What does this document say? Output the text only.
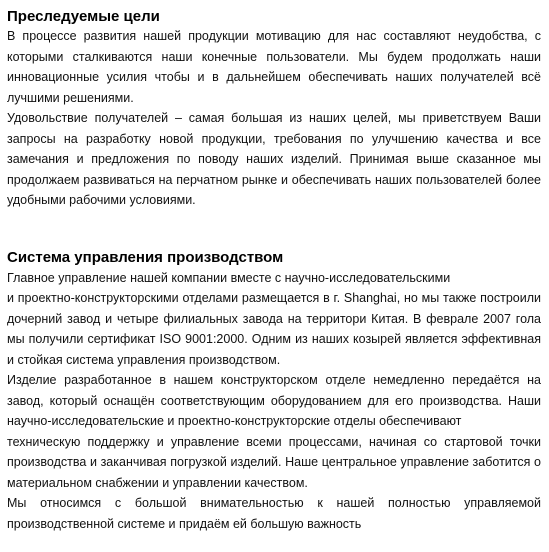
Преследуемые цели

В процессе развития нашей продукции мотивацию для нас составляют неудобства, с которыми сталкиваются наши конечные пользователи. Мы будем продолжать наши инновационные усилия чтобы и в дальнейшем обеспечивать наших получателей всё лучшими решениями.

Удовольствие получателей – самая большая из наших целей, мы приветствуем Ваши запросы на разработку новой продукции, требования по улучшению качества и все замечания и предложения по поводу наших изделий. Принимая выше сказанное мы продолжаем развиваться на перчатном рынке и обеспечивать наших пользователей более удобными рабочими условиями.

Система управления производством

Главное управление нашей компании вместе с научно-исследовательскими

и проектно-конструкторскими отделами размещается в г. Shanghai, но мы также построили дочерний завод и четыре филиальных завода на территори Китая. В феврале 2007 гола мы получили сертификат ISO 9001:2000. Одним из наших козырей является эффективная и стойкая система управления производством.

Изделие разработанное в нашем конструкторском отделе немедленно передаётся на завод, который оснащён соответствующим оборудованием для его производства. Наши научно-исследовательские и проектно-конструкторские отделы обеспечивают

техническую поддержку и управление всеми процессами, начиная со стартовой точки производства и заканчивая погрузкой изделий. Наше центральное управление заботится о материальном снабжении и управлении качеством.

Мы относимся с большой внимательностью к нашей полностью управляемой производственной системе и придаём ей большую важность
